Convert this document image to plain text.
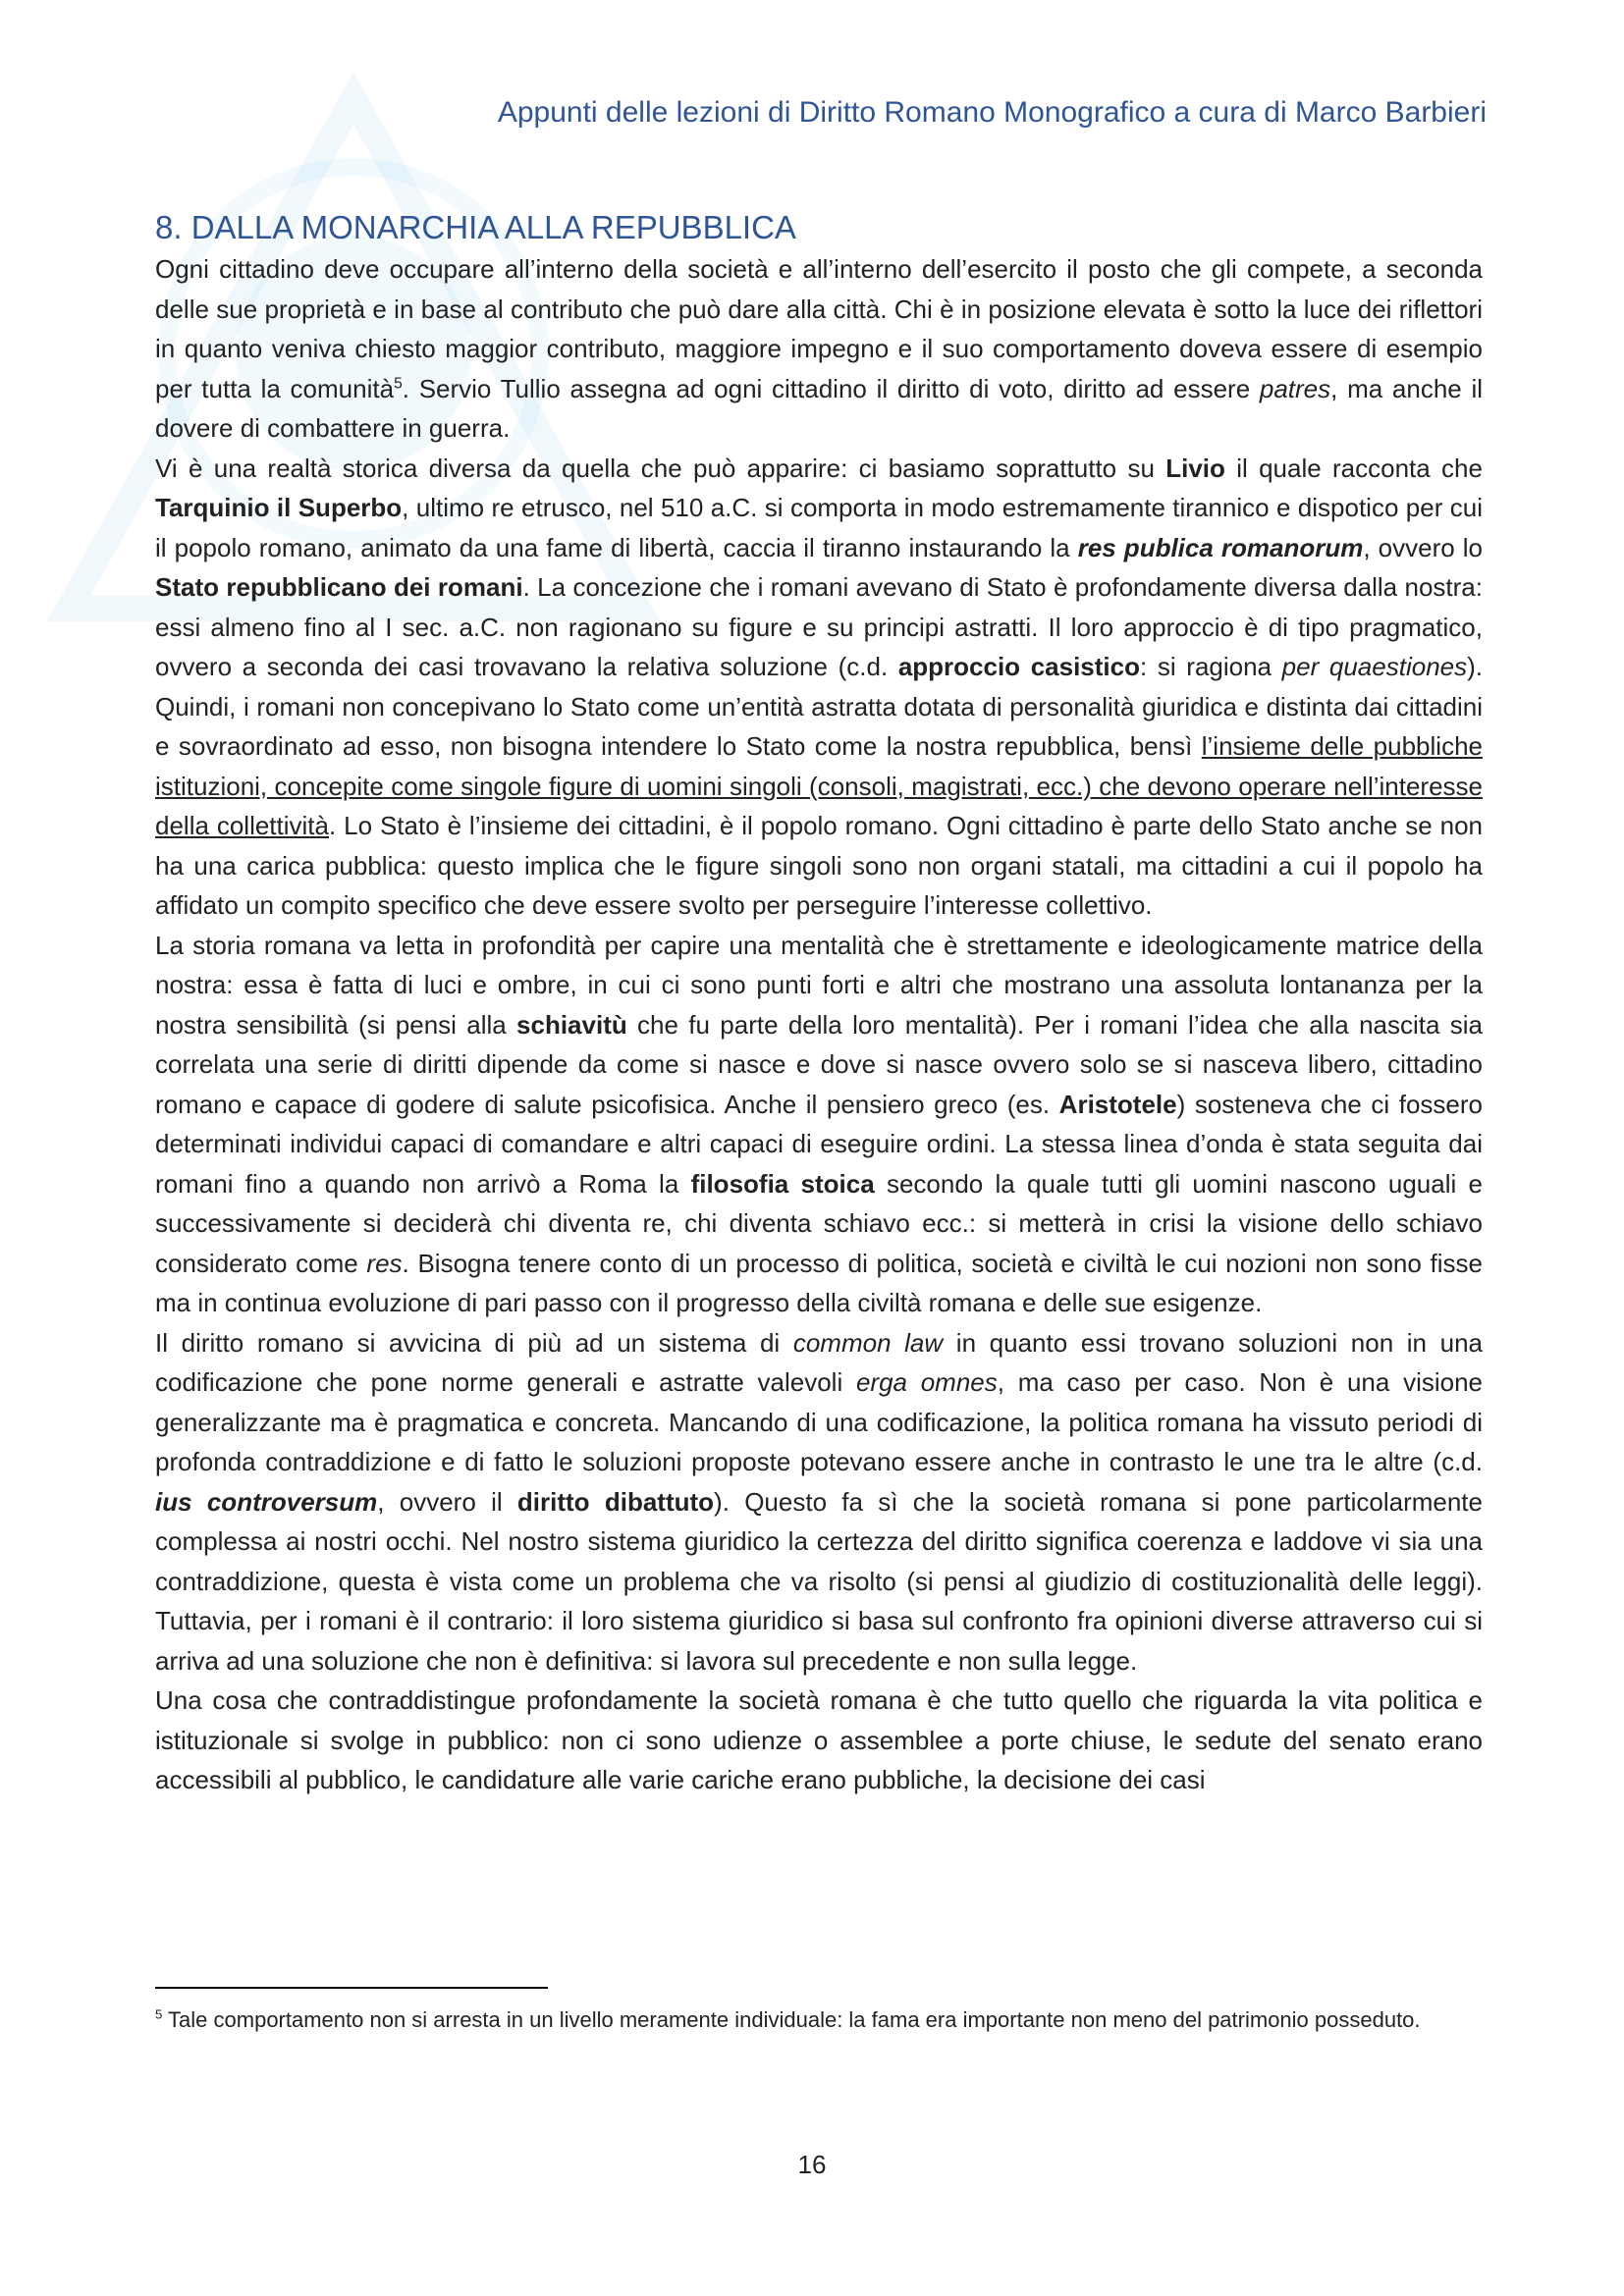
Appunti delle lezioni di Diritto Romano Monografico a cura di Marco Barbieri
8. DALLA MONARCHIA ALLA REPUBBLICA

Ogni cittadino deve occupare all’interno della società e all’interno dell’esercito il posto che gli compete, a seconda delle sue proprietà e in base al contributo che può dare alla città. Chi è in posizione elevata è sotto la luce dei riflettori in quanto veniva chiesto maggior contributo, maggiore impegno e il suo comportamento doveva essere di esempio per tutta la comunità$^5$. Servio Tullio assegna ad ogni cittadino il diritto di voto, diritto ad essere patres, ma anche il dovere di combattere in guerra.

Vi è una realtà storica diversa da quella che può apparire: ci basiamo soprattutto su Livio il quale racconta che Tarquinio il Superbo, ultimo re etrusco, nel 510 a.C. si comporta in modo estremamente tirannico e dispotico per cui il popolo romano, animato da una fame di libertà, caccia il tiranno instaurando la res publica romanorum, ovvero lo Stato repubblicano dei romani. La concezione che i romani avevano di Stato è profondamente diversa dalla nostra: essi almeno fino al I sec. a.C. non ragionano su figure e su principi astratti. Il loro approccio è di tipo pragmatico, ovvero a seconda dei casi trovavano la relativa soluzione (c.d. approccio casistico: si ragiona per quaestiones). Quindi, i romani non concepivano lo Stato come un’entità astratta dotata di personalità giuridica e distinta dai cittadini e sovraordinato ad esso, non bisogna intendere lo Stato come la nostra repubblica, bensì l’insieme delle pubbliche istituzioni, concepite come singole figure di uomini singoli (consoli, magistrati, ecc.) che devono operare nell’interesse della collettività. Lo Stato è l’insieme dei cittadini, è il popolo romano. Ogni cittadino è parte dello Stato anche se non ha una carica pubblica: questo implica che le figure singoli sono non organi statali, ma cittadini a cui il popolo ha affidato un compito specifico che deve essere svolto per perseguire l’interesse collettivo.

La storia romana va letta in profondità per capire una mentalità che è strettamente e ideologicamente matrice della nostra: essa è fatta di luci e ombre, in cui ci sono punti forti e altri che mostrano una assoluta lontananza per la nostra sensibilità (si pensi alla schiavitù che fu parte della loro mentalità). Per i romani l’idea che alla nascita sia correlata una serie di diritti dipende da come si nasce e dove si nasce ovvero solo se si nasceva libero, cittadino romano e capace di godere di salute psicofisica. Anche il pensiero greco (es. Aristotele) sosteneva che ci fossero determinati individui capaci di comandare e altri capaci di eseguire ordini. La stessa linea d’onda è stata seguita dai romani fino a quando non arrivò a Roma la filosofia stoica secondo la quale tutti gli uomini nascono uguali e successivamente si deciderà chi diventa re, chi diventa schiavo ecc.: si metterà in crisi la visione dello schiavo considerato come res. Bisogna tenere conto di un processo di politica, società e civiltà le cui nozioni non sono fisse ma in continua evoluzione di pari passo con il progresso della civiltà romana e delle sue esigenze.

Il diritto romano si avvicina di più ad un sistema di common law in quanto essi trovano soluzioni non in una codificazione che pone norme generali e astratte valevoli erga omnes, ma caso per caso. Non è una visione generalizzante ma è pragmatica e concreta. Mancando di una codificazione, la politica romana ha vissuto periodi di profonda contraddizione e di fatto le soluzioni proposte potevano essere anche in contrasto le une tra le altre (c.d. ius controversum, ovvero il diritto dibattuto). Questo fa sì che la società romana si pone particolarmente complessa ai nostri occhi. Nel nostro sistema giuridico la certezza del diritto significa coerenza e laddove vi sia una contraddizione, questa è vista come un problema che va risolto (si pensi al giudizio di costituzionalità delle leggi). Tuttavia, per i romani è il contrario: il loro sistema giuridico si basa sul confronto fra opinioni diverse attraverso cui si arriva ad una soluzione che non è definitiva: si lavora sul precedente e non sulla legge.

Una cosa che contraddistingue profondamente la società romana è che tutto quello che riguarda la vita politica e istituzionale si svolge in pubblico: non ci sono udienze o assemblee a porte chiuse, le sedute del senato erano accessibili al pubblico, le candidature alle varie cariche erano pubbliche, la decisione dei casi

$^5$ Tale comportamento non si arresta in un livello meramente individuale: la fama era importante non meno del patrimonio posseduto.
16
